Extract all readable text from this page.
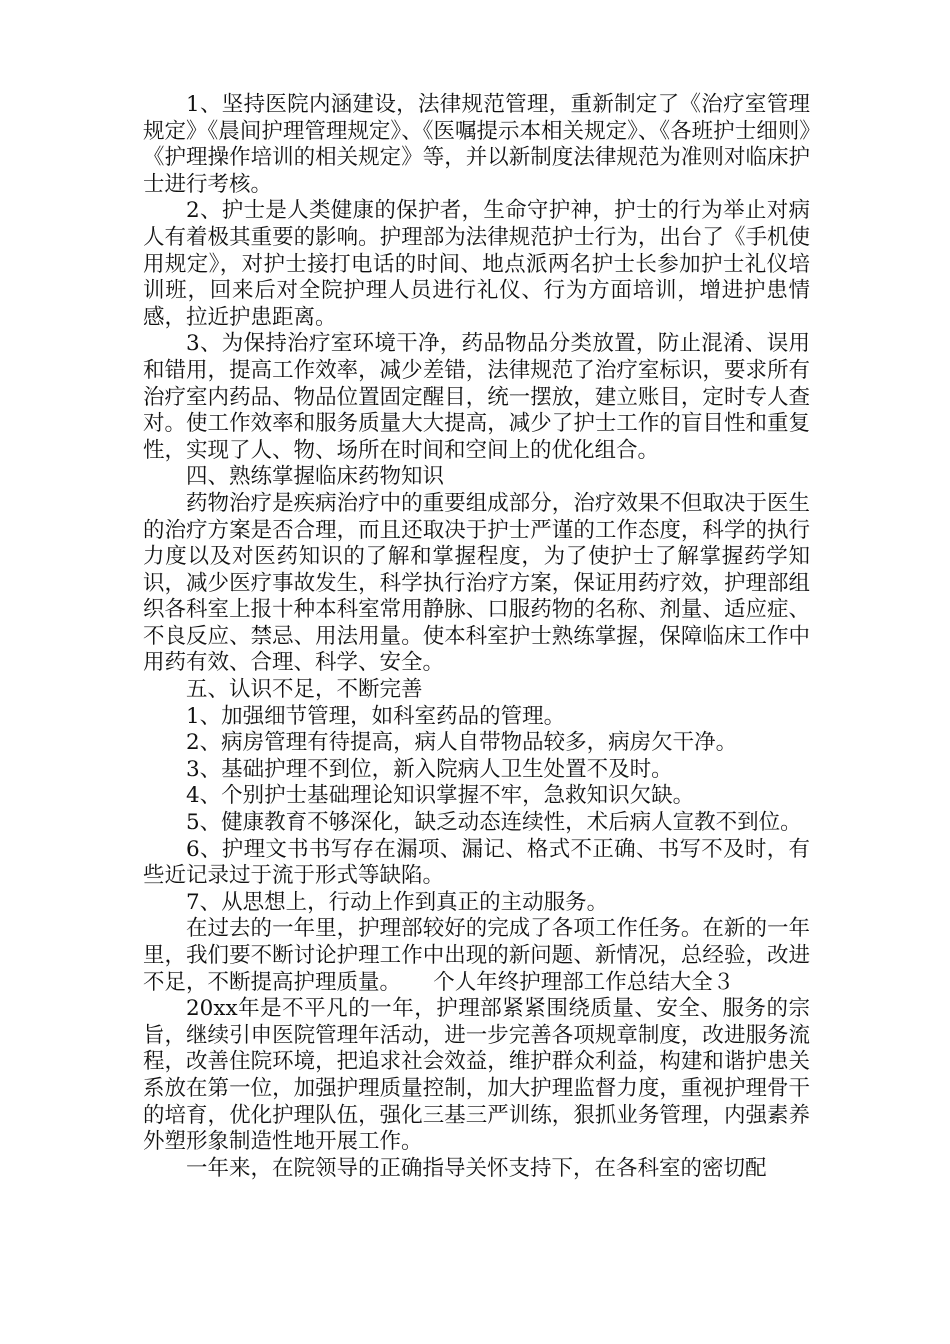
1、坚持医院内涵建设，法律规范管理，重新制定了《治疗室管理规定》《晨间护理管理规定》、《医嘱提示本相关规定》、《各班护士细则》《护理操作培训的相关规定》等，并以新制度法律规范为准则对临床护士进行考核。

2、护士是人类健康的保护者，生命守护神，护士的行为举止对病人有着极其重要的影响。护理部为法律规范护士行为，出台了《手机使用规定》，对护士接打电话的时间、地点派两名护士长参加护士礼仪培训班，回来后对全院护理人员进行礼仪、行为方面培训，增进护患情感，拉近护患距离。

3、为保持治疗室环境干净，药品物品分类放置，防止混淆、误用和错用，提高工作效率，减少差错，法律规范了治疗室标识，要求所有治疗室内药品、物品位置固定醒目，统一摆放，建立账目，定时专人查对。使工作效率和服务质量大大提高，减少了护士工作的盲目性和重复性，实现了人、物、场所在时间和空间上的优化组合。

四、熟练掌握临床药物知识

药物治疗是疾病治疗中的重要组成部分，治疗效果不但取决于医生的治疗方案是否合理，而且还取决于护士严谨的工作态度，科学的执行力度以及对医药知识的了解和掌握程度，为了使护士了解掌握药学知识，减少医疗事故发生，科学执行治疗方案，保证用药疗效，护理部组织各科室上报十种本科室常用静脉、口服药物的名称、剂量、适应症、不良反应、禁忌、用法用量。使本科室护士熟练掌握，保障临床工作中用药有效、合理、科学、安全。

五、认识不足，不断完善

1、加强细节管理，如科室药品的管理。

2、病房管理有待提高，病人自带物品较多，病房欠干净。

3、基础护理不到位，新入院病人卫生处置不及时。

4、个别护士基础理论知识掌握不牢，急救知识欠缺。

5、健康教育不够深化，缺乏动态连续性，术后病人宣教不到位。

6、护理文书书写存在漏项、漏记、格式不正确、书写不及时，有些近记录过于流于形式等缺陷。

7、从思想上，行动上作到真正的主动服务。

在过去的一年里，护理部较好的完成了各项工作任务。在新的一年里，我们要不断讨论护理工作中出现的新问题、新情况，总经验，改进不足，不断提高护理质量。　　个人年终护理部工作总结大全３

20xx年是不平凡的一年，护理部紧紧围绕质量、安全、服务的宗旨，继续引申医院管理年活动，进一步完善各项规章制度，改进服务流程，改善住院环境，把追求社会效益，维护群众利益，构建和谐护患关系放在第一位，加强护理质量控制，加大护理监督力度，重视护理骨干的培育，优化护理队伍，强化三基三严训练，狠抓业务管理，内强素养外塑形象制造性地开展工作。

一年来，在院领导的正确指导关怀支持下，在各科室的密切配
